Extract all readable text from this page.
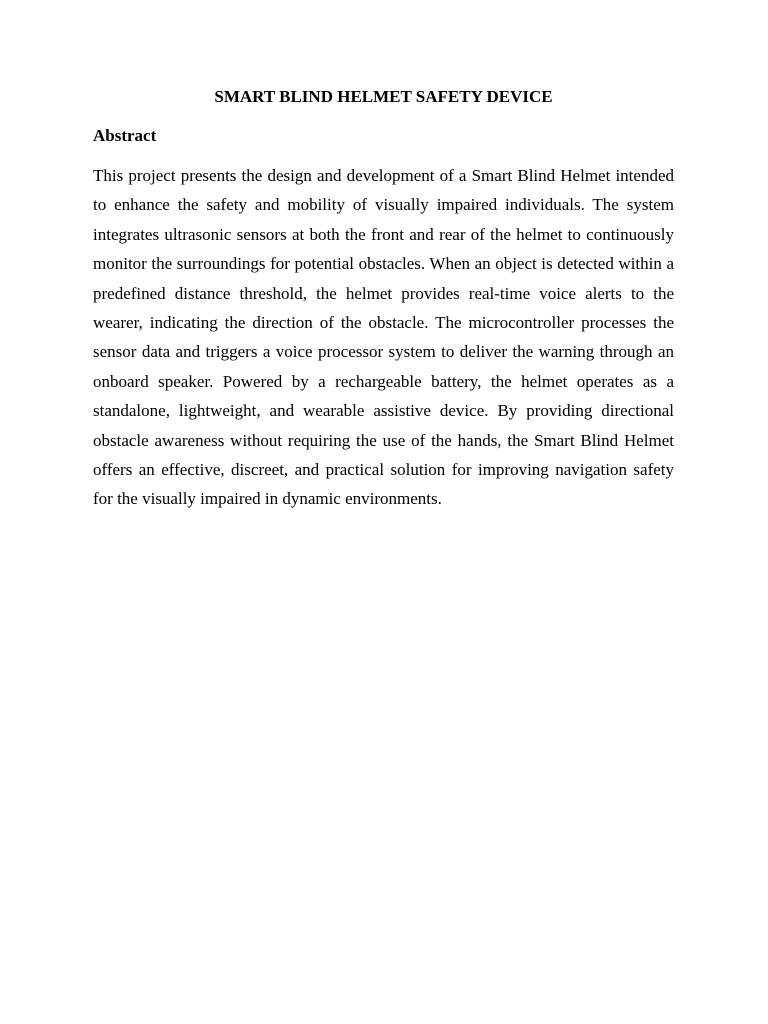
SMART BLIND HELMET SAFETY DEVICE
Abstract

This project presents the design and development of a Smart Blind Helmet intended to enhance the safety and mobility of visually impaired individuals. The system integrates ultrasonic sensors at both the front and rear of the helmet to continuously monitor the surroundings for potential obstacles. When an object is detected within a predefined distance threshold, the helmet provides real-time voice alerts to the wearer, indicating the direction of the obstacle. The microcontroller processes the sensor data and triggers a voice processor system to deliver the warning through an onboard speaker. Powered by a rechargeable battery, the helmet operates as a standalone, lightweight, and wearable assistive device. By providing directional obstacle awareness without requiring the use of the hands, the Smart Blind Helmet offers an effective, discreet, and practical solution for improving navigation safety for the visually impaired in dynamic environments.
